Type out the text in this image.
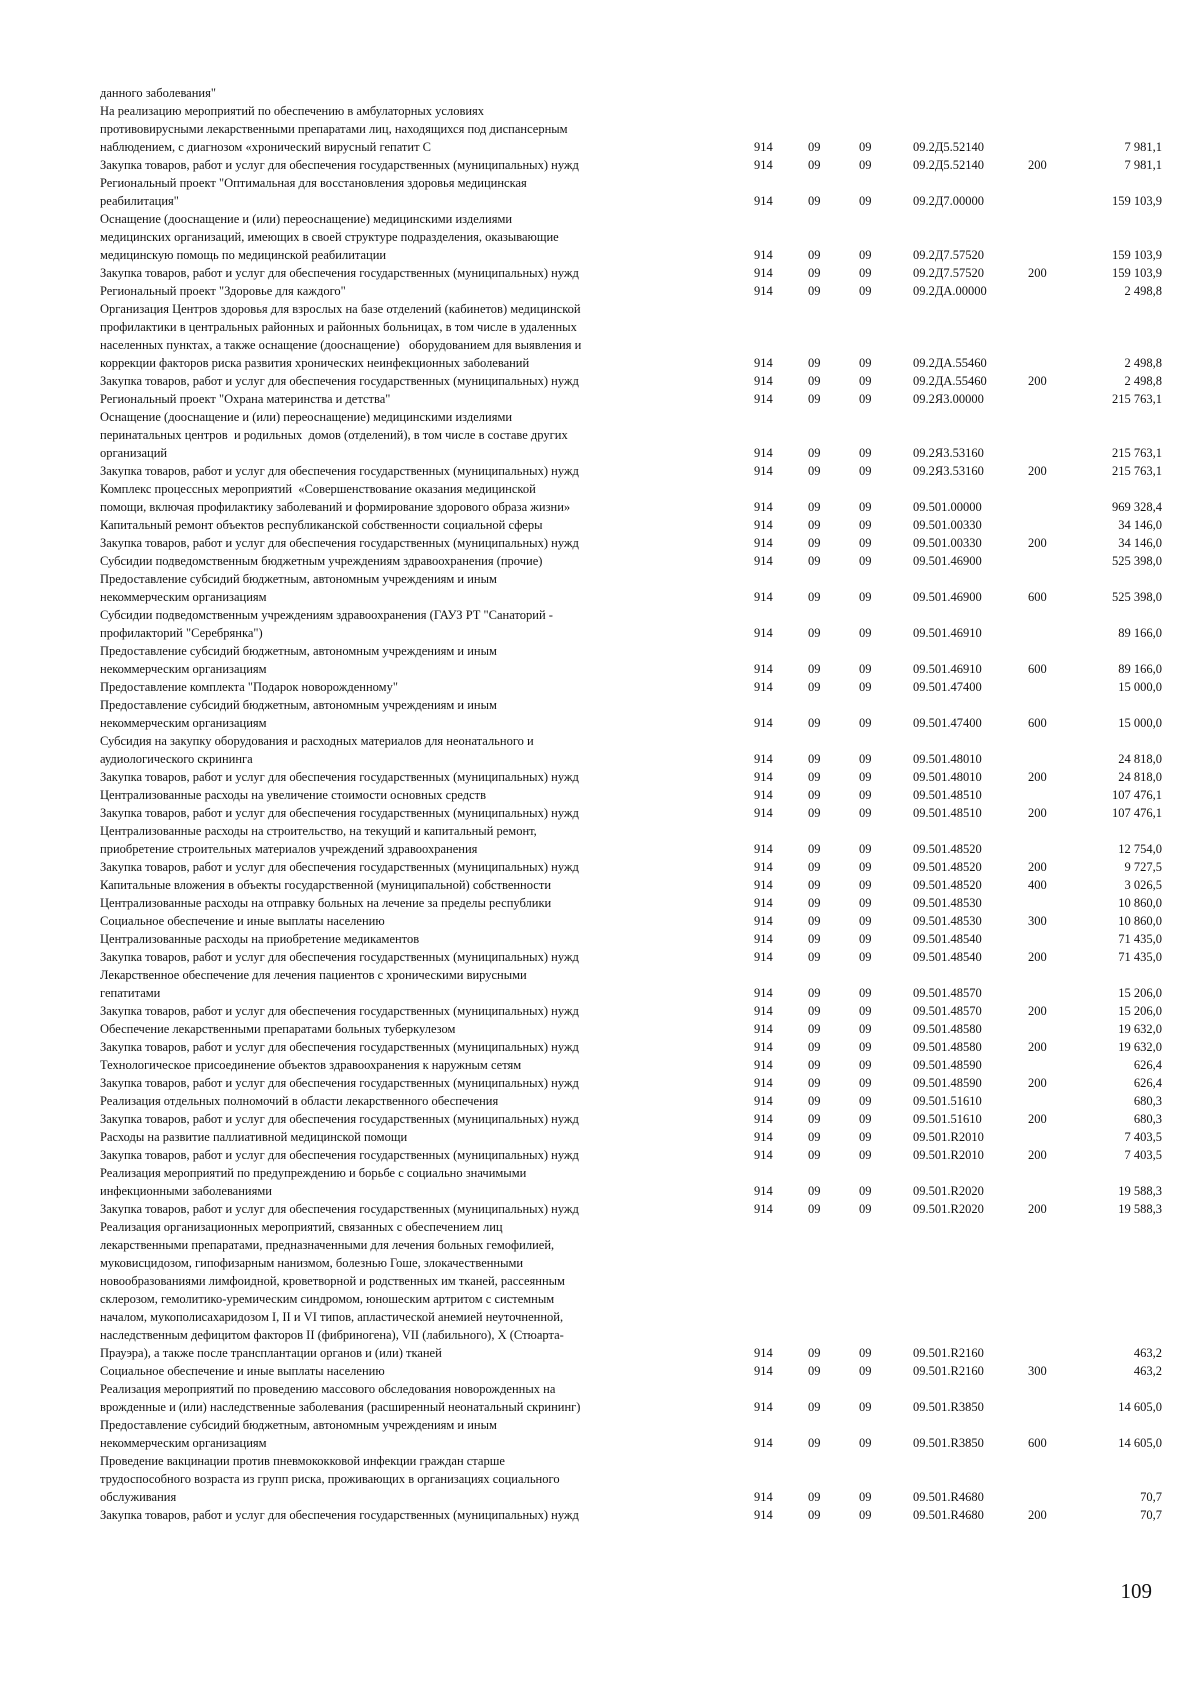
данного заболевания"
На реализацию мероприятий по обеспечению в амбулаторных условиях
противовирусными лекарственными препаратами лиц, находящихся под диспансерным
наблюдением, с диагнозом «хронический вирусный гепатит С	914	09	09	09.2Д5.52140	7 981,1
Закупка товаров, работ и услуг для обеспечения государственных (муниципальных) нужд	914	09	09	09.2Д5.52140	200	7 981,1
Региональный проект "Оптимальная для восстановления здоровья медицинская
реабилитация"	914	09	09	09.2Д7.00000	159 103,9
Оснащение (дооснащение и (или) переоснащение) медицинскими изделиями
медицинских организаций, имеющих в своей структуре подразделения, оказывающие
медицинскую помощь по медицинской реабилитации	914	09	09	09.2Д7.57520	159 103,9
Закупка товаров, работ и услуг для обеспечения государственных (муниципальных) нужд	914	09	09	09.2Д7.57520	200	159 103,9
Региональный проект "Здоровье для каждого"	914	09	09	09.2ДА.00000	2 498,8
Организация Центров здоровья для взрослых на базе отделений (кабинетов) медицинской
профилактики в центральных районных и районных больницах, в том числе в удаленных
населенных пунктах, а также оснащение (дооснащение)   оборудованием для выявления и
коррекции факторов риска развития хронических неинфекционных заболеваний	914	09	09	09.2ДА.55460	2 498,8
Закупка товаров, работ и услуг для обеспечения государственных (муниципальных) нужд	914	09	09	09.2ДА.55460	200	2 498,8
Региональный проект "Охрана материнства и детства"	914	09	09	09.2Я3.00000	215 763,1
Оснащение (дооснащение и (или) переоснащение) медицинскими изделиями
перинатальных центров  и родильных  домов (отделений), в том числе в составе других
организаций	914	09	09	09.2Я3.53160	215 763,1
Закупка товаров, работ и услуг для обеспечения государственных (муниципальных) нужд	914	09	09	09.2Я3.53160	200	215 763,1
Комплекс процессных мероприятий  «Совершенствование оказания медицинской
помощи, включая профилактику заболеваний и формирование здорового образа жизни»	914	09	09	09.501.00000	969 328,4
Капитальный ремонт объектов республиканской собственности социальной сферы	914	09	09	09.501.00330	34 146,0
Закупка товаров, работ и услуг для обеспечения государственных (муниципальных) нужд	914	09	09	09.501.00330	200	34 146,0
Субсидии подведомственным бюджетным учреждениям здравоохранения (прочие)	914	09	09	09.501.46900	525 398,0
Предоставление субсидий бюджетным, автономным учреждениям и иным
некоммерческим организациям	914	09	09	09.501.46900	600	525 398,0
Субсидии подведомственным учреждениям здравоохранения (ГАУЗ РТ "Санаторий -
профилакторий "Серебрянка")	914	09	09	09.501.46910	89 166,0
Предоставление субсидий бюджетным, автономным учреждениям и иным
некоммерческим организациям	914	09	09	09.501.46910	600	89 166,0
Предоставление комплекта "Подарок новорожденному"	914	09	09	09.501.47400	15 000,0
Предоставление субсидий бюджетным, автономным учреждениям и иным
некоммерческим организациям	914	09	09	09.501.47400	600	15 000,0
Субсидия на закупку оборудования и расходных материалов для неонатального и
аудиологического скрининга	914	09	09	09.501.48010	24 818,0
Закупка товаров, работ и услуг для обеспечения государственных (муниципальных) нужд	914	09	09	09.501.48010	200	24 818,0
Централизованные расходы на увеличение стоимости основных средств	914	09	09	09.501.48510	107 476,1
Закупка товаров, работ и услуг для обеспечения государственных (муниципальных) нужд	914	09	09	09.501.48510	200	107 476,1
Централизованные расходы на строительство, на текущий и капитальный ремонт,
приобретение строительных материалов учреждений здравоохранения	914	09	09	09.501.48520	12 754,0
Закупка товаров, работ и услуг для обеспечения государственных (муниципальных) нужд	914	09	09	09.501.48520	200	9 727,5
Капитальные вложения в объекты государственной (муниципальной) собственности	914	09	09	09.501.48520	400	3 026,5
Централизованные расходы на отправку больных на лечение за пределы республики	914	09	09	09.501.48530	10 860,0
Социальное обеспечение и иные выплаты населению	914	09	09	09.501.48530	300	10 860,0
Централизованные расходы на приобретение медикаментов	914	09	09	09.501.48540	71 435,0
Закупка товаров, работ и услуг для обеспечения государственных (муниципальных) нужд	914	09	09	09.501.48540	200	71 435,0
Лекарственное обеспечение для лечения пациентов с хроническими вирусными
гепатитами	914	09	09	09.501.48570	15 206,0
Закупка товаров, работ и услуг для обеспечения государственных (муниципальных) нужд	914	09	09	09.501.48570	200	15 206,0
Обеспечение лекарственными препаратами больных туберкулезом	914	09	09	09.501.48580	19 632,0
Закупка товаров, работ и услуг для обеспечения государственных (муниципальных) нужд	914	09	09	09.501.48580	200	19 632,0
Технологическое присоединение объектов здравоохранения к наружным сетям	914	09	09	09.501.48590	626,4
Закупка товаров, работ и услуг для обеспечения государственных (муниципальных) нужд	914	09	09	09.501.48590	200	626,4
Реализация отдельных полномочий в области лекарственного обеспечения	914	09	09	09.501.51610	680,3
Закупка товаров, работ и услуг для обеспечения государственных (муниципальных) нужд	914	09	09	09.501.51610	200	680,3
Расходы на развитие паллиативной медицинской помощи	914	09	09	09.501.R2010	7 403,5
Закупка товаров, работ и услуг для обеспечения государственных (муниципальных) нужд	914	09	09	09.501.R2010	200	7 403,5
Реализация мероприятий по предупреждению и борьбе с социально значимыми
инфекционными заболеваниями	914	09	09	09.501.R2020	19 588,3
Закупка товаров, работ и услуг для обеспечения государственных (муниципальных) нужд	914	09	09	09.501.R2020	200	19 588,3
Реализация организационных мероприятий, связанных с обеспечением лиц
лекарственными препаратами, предназначенными для лечения больных гемофилией,
муковисцидозом, гипофизарным нанизмом, болезнью Гоше, злокачественными
новообразованиями лимфоидной, кроветворной и родственных им тканей, рассеянным
склерозом, гемолитико-уремическим синдромом, юношеским артритом с системным
началом, мукополисахаридозом I, II и VI типов, апластической анемией неуточненной,
наследственным дефицитом факторов II (фибриногена), VII (лабильного), X (Стюарта-
Прауэра), а также после трансплантации органов и (или) тканей	914	09	09	09.501.R2160	463,2
Социальное обеспечение и иные выплаты населению	914	09	09	09.501.R2160	300	463,2
Реализация мероприятий по проведению массового обследования новорожденных на
врожденные и (или) наследственные заболевания (расширенный неонатальный скрининг)	914	09	09	09.501.R3850	14 605,0
Предоставление субсидий бюджетным, автономным учреждениям и иным
некоммерческим организациям	914	09	09	09.501.R3850	600	14 605,0
Проведение вакцинации против пневмококковой инфекции граждан старше
трудоспособного возраста из групп риска, проживающих в организациях социального
обслуживания	914	09	09	09.501.R4680	70,7
Закупка товаров, работ и услуг для обеспечения государственных (муниципальных) нужд	914	09	09	09.501.R4680	200	70,7
109
